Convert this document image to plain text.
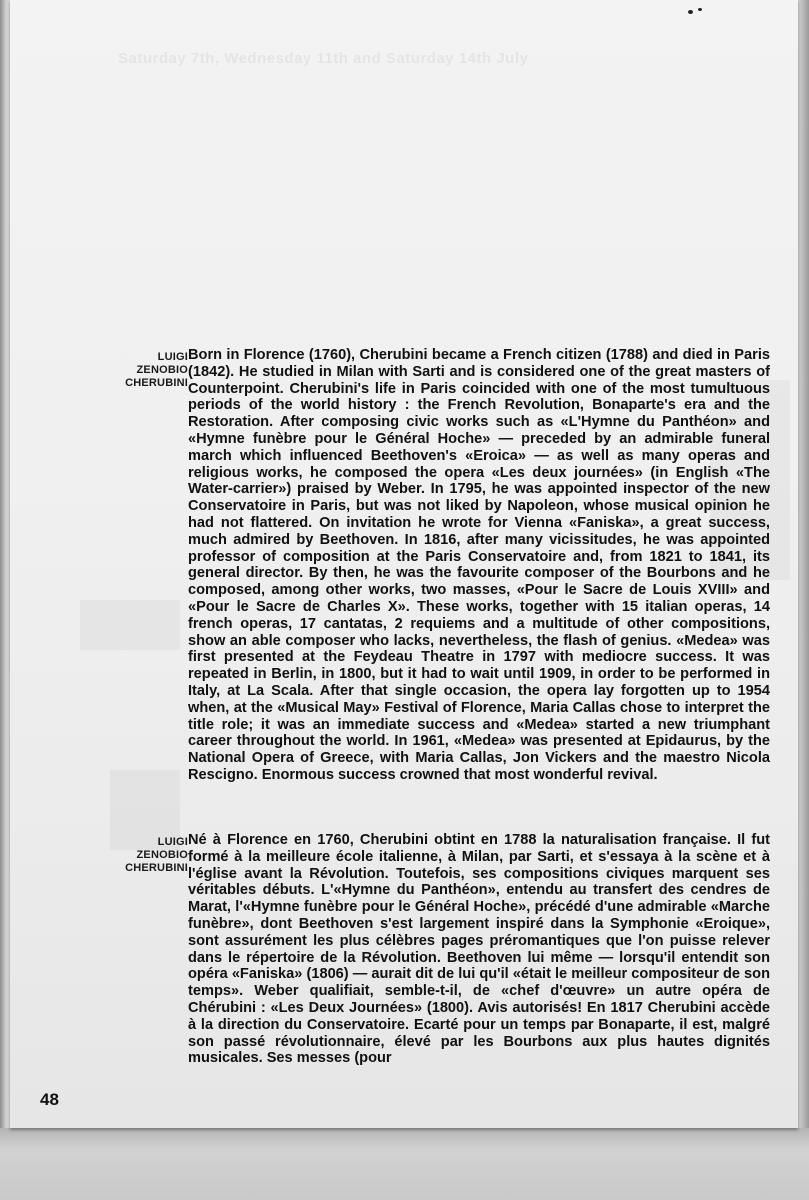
Saturday 7th, Wednesday 11th and Saturday 14th July
LUIGI
ZENOBIO
CHERUBINI
Born in Florence (1760), Cherubini became a French citizen (1788) and died in Paris (1842). He studied in Milan with Sarti and is considered one of the great masters of Counterpoint. Cherubini's life in Paris coincided with one of the most tumultuous periods of the world history : the French Revolution, Bonaparte's era and the Restoration. After composing civic works such as «L'Hymne du Panthéon» and «Hymne funèbre pour le Général Hoche» — preceded by an admirable funeral march which influenced Beethoven's «Eroica» — as well as many operas and religious works, he composed the opera «Les deux journées» (in English «The Water-carrier») praised by Weber. In 1795, he was appointed inspector of the new Conservatoire in Paris, but was not liked by Napoleon, whose musical opinion he had not flattered. On invitation he wrote for Vienna «Faniska», a great success, much admired by Beethoven. In 1816, after many vicissitudes, he was appointed professor of composition at the Paris Conservatoire and, from 1821 to 1841, its general director. By then, he was the favourite composer of the Bourbons and he composed, among other works, two masses, «Pour le Sacre de Louis XVIII» and «Pour le Sacre de Charles X». These works, together with 15 italian operas, 14 french operas, 17 cantatas, 2 requiems and a multitude of other compositions, show an able composer who lacks, nevertheless, the flash of genius. «Medea» was first presented at the Feydeau Theatre in 1797 with mediocre success. It was repeated in Berlin, in 1800, but it had to wait until 1909, in order to be performed in Italy, at La Scala. After that single occasion, the opera lay forgotten up to 1954 when, at the «Musical May» Festival of Florence, Maria Callas chose to interpret the title role; it was an immediate success and «Medea» started a new triumphant career throughout the world. In 1961, «Medea» was presented at Epidaurus, by the National Opera of Greece, with Maria Callas, Jon Vickers and the maestro Nicola Rescigno. Enormous success crowned that most wonderful revival.
LUIGI
ZENOBIO
CHERUBINI
Né à Florence en 1760, Cherubini obtint en 1788 la naturalisation française. Il fut formé à la meilleure école italienne, à Milan, par Sarti, et s'essaya à la scène et à l'église avant la Révolution. Toutefois, ses compositions civiques marquent ses véritables débuts. L'«Hymne du Panthéon», entendu au transfert des cendres de Marat, l'«Hymne funèbre pour le Général Hoche», précédé d'une admirable «Marche funèbre», dont Beethoven s'est largement inspiré dans la Symphonie «Eroique», sont assurément les plus célèbres pages préromantiques que l'on puisse relever dans le répertoire de la Révolution. Beethoven lui même — lorsqu'il entendit son opéra «Faniska» (1806) — aurait dit de lui qu'il «était le meilleur compositeur de son temps». Weber qualifiait, semble-t-il, de «chef d'œuvre» un autre opéra de Chérubini : «Les Deux Journées» (1800). Avis autorisés! En 1817 Cherubini accède à la direction du Conservatoire. Ecarté pour un temps par Bonaparte, il est, malgré son passé révolutionnaire, élevé par les Bourbons aux plus hautes dignités musicales. Ses messes (pour
48
